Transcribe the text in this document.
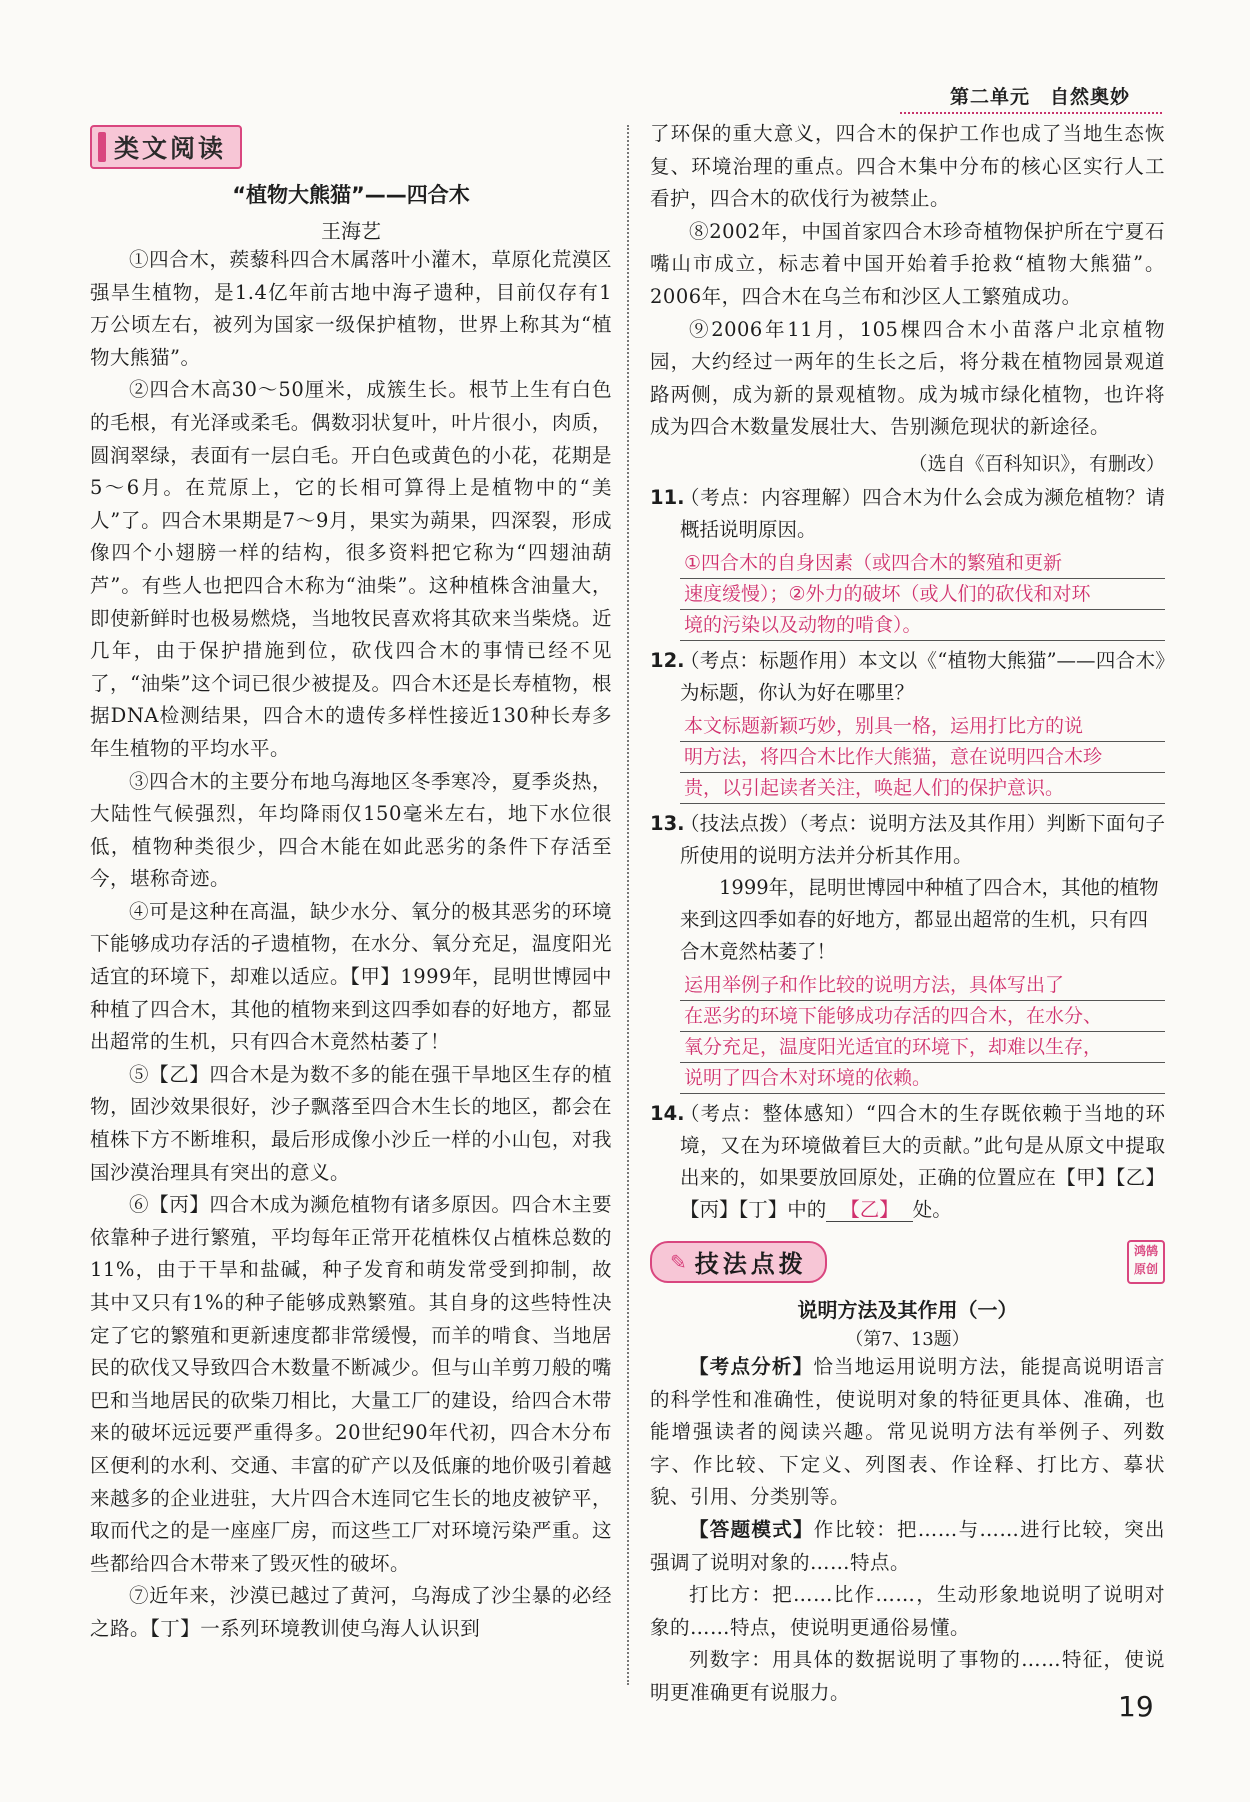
第二单元　自然奥妙
类文阅读
“植物大熊猫”——四合木
王海艺

①四合木，蒺藜科四合木属落叶小灌木，草原化荒漠区强旱生植物，是1.4亿年前古地中海孑遗种，目前仅存有1万公顷左右，被列为国家一级保护植物，世界上称其为“植物大熊猫”。

②四合木高30～50厘米，成簇生长。根节上生有白色的毛根，有光泽或柔毛。偶数羽状复叶，叶片很小，肉质，圆润翠绿，表面有一层白毛。开白色或黄色的小花，花期是5～6月。在荒原上，它的长相可算得上是植物中的“美人”了。四合木果期是7～9月，果实为蒴果，四深裂，形成像四个小翅膀一样的结构，很多资料把它称为“四翅油葫芦”。有些人也把四合木称为“油柴”。这种植株含油量大，即使新鲜时也极易燃烧，当地牧民喜欢将其砍来当柴烧。近几年，由于保护措施到位，砍伐四合木的事情已经不见了，“油柴”这个词已很少被提及。四合木还是长寿植物，根据DNA检测结果，四合木的遗传多样性接近130种长寿多年生植物的平均水平。

③四合木的主要分布地乌海地区冬季寒冷，夏季炎热，大陆性气候强烈，年均降雨仅150毫米左右，地下水位很低，植物种类很少，四合木能在如此恶劣的条件下存活至今，堪称奇迹。

④可是这种在高温，缺少水分、氧分的极其恶劣的环境下能够成功存活的孑遗植物，在水分、氧分充足，温度阳光适宜的环境下，却难以适应。【甲】1999年，昆明世博园中种植了四合木，其他的植物来到这四季如春的好地方，都显出超常的生机，只有四合木竟然枯萎了！

⑤【乙】四合木是为数不多的能在强干旱地区生存的植物，固沙效果很好，沙子飘落至四合木生长的地区，都会在植株下方不断堆积，最后形成像小沙丘一样的小山包，对我国沙漠治理具有突出的意义。

⑥【丙】四合木成为濒危植物有诸多原因。四合木主要依靠种子进行繁殖，平均每年正常开花植株仅占植株总数的11%，由于干旱和盐碱，种子发育和萌发常受到抑制，故其中又只有1%的种子能够成熟繁殖。其自身的这些特性决定了它的繁殖和更新速度都非常缓慢，而羊的啃食、当地居民的砍伐又导致四合木数量不断减少。但与山羊剪刀般的嘴巴和当地居民的砍柴刀相比，大量工厂的建设，给四合木带来的破坏远远要严重得多。20世纪90年代初，四合木分布区便利的水利、交通、丰富的矿产以及低廉的地价吸引着越来越多的企业进驻，大片四合木连同它生长的地皮被铲平，取而代之的是一座座厂房，而这些工厂对环境污染严重。这些都给四合木带来了毁灭性的破坏。

⑦近年来，沙漠已越过了黄河，乌海成了沙尘暴的必经之路。【丁】一系列环境教训使乌海人认识到

了环保的重大意义，四合木的保护工作也成了当地生态恢复、环境治理的重点。四合木集中分布的核心区实行人工看护，四合木的砍伐行为被禁止。

⑧2002年，中国首家四合木珍奇植物保护所在宁夏石嘴山市成立，标志着中国开始着手抢救“植物大熊猫”。2006年，四合木在乌兰布和沙区人工繁殖成功。

⑨2006年11月，105棵四合木小苗落户北京植物园，大约经过一两年的生长之后，将分栽在植物园景观道路两侧，成为新的景观植物。成为城市绿化植物，也许将成为四合木数量发展壮大、告别濒危现状的新途径。

（选自《百科知识》，有删改）
11.
（考点：内容理解）四合木为什么会成为濒危植物？请概括说明原因。
①四合木的自身因素（或四合木的繁殖和更新
速度缓慢）；②外力的破坏（或人们的砍伐和对环
境的污染以及动物的啃食）。
12.
（考点：标题作用）本文以《“植物大熊猫”——四合木》为标题，你认为好在哪里？
本文标题新颖巧妙，别具一格，运用打比方的说
明方法，将四合木比作大熊猫，意在说明四合木珍
贵，以引起读者关注，唤起人们的保护意识。
13.
（技法点拨）（考点：说明方法及其作用）判断下面句子所使用的说明方法并分析其作用。
1999年，昆明世博园中种植了四合木，其他的植物来到这四季如春的好地方，都显出超常的生机，只有四合木竟然枯萎了！
运用举例子和作比较的说明方法，具体写出了
在恶劣的环境下能够成功存活的四合木，在水分、
氧分充足，温度阳光适宜的环境下，却难以生存，
说明了四合木对环境的依赖。
14.
（考点：整体感知）“四合木的生存既依赖于当地的环境，又在为环境做着巨大的贡献。”此句是从原文中提取出来的，如果要放回原处，正确的位置应在【甲】【乙】【丙】【丁】中的 【乙】 处。
✎ 技法点拨	鸿鹄原创
说明方法及其作用（一）
（第7、13题）

【考点分析】恰当地运用说明方法，能提高说明语言的科学性和准确性，使说明对象的特征更具体、准确，也能增强读者的阅读兴趣。常见说明方法有举例子、列数字、作比较、下定义、列图表、作诠释、打比方、摹状貌、引用、分类别等。

【答题模式】作比较：把……与……进行比较，突出强调了说明对象的……特点。

打比方：把……比作……，生动形象地说明了说明对象的……特点，使说明更通俗易懂。

列数字：用具体的数据说明了事物的……特征，使说明更准确更有说服力。	19
